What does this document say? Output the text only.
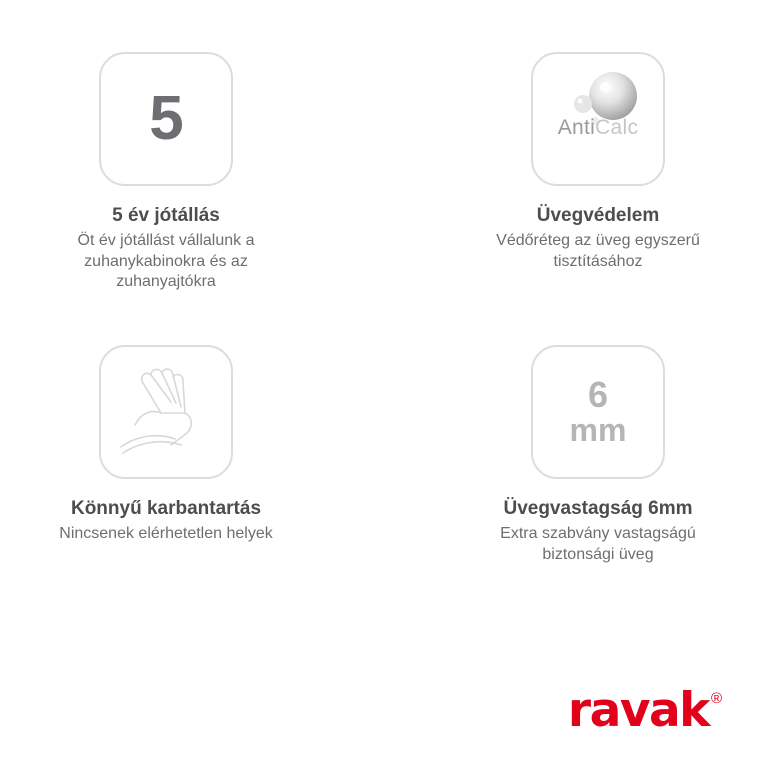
5
5 év jótállás
Öt év jótállást vállalunk a zuhanykabinokra és az zuhanyajtókra
AntiCalc
Üvegvédelem
Védőréteg az üveg egyszerű tisztításához
Könnyű karbantartás
Nincsenek elérhetetlen helyek
6
mm
Üvegvastagság 6mm
Extra szabvány vastagságú biztonsági üveg
ravak ®
